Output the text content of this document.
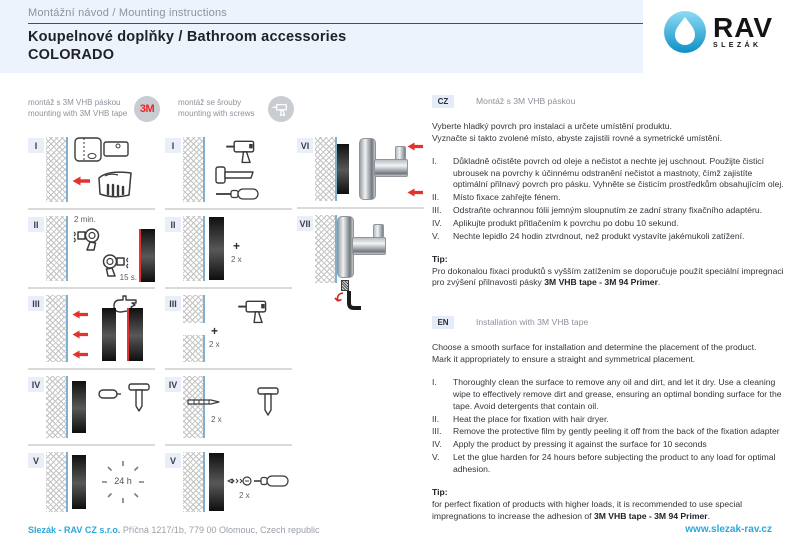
Montážní návod / Mounting instructions
Koupelnové doplňky / Bathroom accessories
COLORADO
RAV
SLEZÁK
montáž s 3M VHB páskou
mounting with 3M VHB tape	3M
montáž se šrouby
mounting with screws
I
II	2 min.
15 s.
III
IV
V
24 h
I
II
+
2 x
III
+
2 x
IV
2 x
V
2 x
VI
VII
CZ	Montáž s 3M VHB páskou
Vyberte hladký povrch pro instalaci a určete umístění produktu.
Vyznačte si takto zvolené místo, abyste zajistili rovné a symetrické umístění.
I.	Důkladně očistěte povrch od oleje a nečistot a nechte jej uschnout. Použijte čisticí ubrousek na povrchy k účinnému odstranění nečistot a mastnoty, čímž zajistíte optimální přilnavý povrch pro pásku. Vyhněte se čisticím prostředkům obsahujícím olej.
II.	Místo fixace zahřejte fénem.
III.	Odstraňte ochrannou fólii jemným sloupnutím ze zadní strany fixačního adaptéru.
IV.	Aplikujte produkt přitlačením k povrchu po dobu 10 sekund.
V.	Nechte lepidlo 24 hodin ztvrdnout, než produkt vystavíte jakémukoli zatížení.
Tip:
Pro dokonalou fixaci produktů s vyšším zatížením se doporučuje použít speciální impregnaci pro zvýšení přilnavosti pásky 3M VHB tape - 3M 94 Primer.
EN	Installation with 3M VHB tape
Choose a smooth surface for installation and determine the placement of the product.
Mark it appropriately to ensure a straight and symmetrical placement.
I.	Thoroughly clean the surface to remove any oil and dirt, and let it dry. Use a cleaning wipe to effectively remove dirt and grease, ensuring an optimal bonding surface for the tape. Avoid detergents that contain oil.
II.	Heat the place for fixation with hair dryer.
III.	Remove the protective film by gently peeling it off from the back of the fixation adapter
IV.	Apply the product by pressing it against the surface for 10 seconds
V.	Let the glue harden for 24 hours before subjecting the product to any load for optimal adhesion.
Tip:
for perfect fixation of products with higher loads, it is recommended to use special impregnations to increase the adhesion of 3M VHB tape - 3M 94 Primer.
Slezák - RAV CZ s.r.o. Příčná 1217/1b, 779 00 Olomouc, Czech republic	www.slezak-rav.cz
